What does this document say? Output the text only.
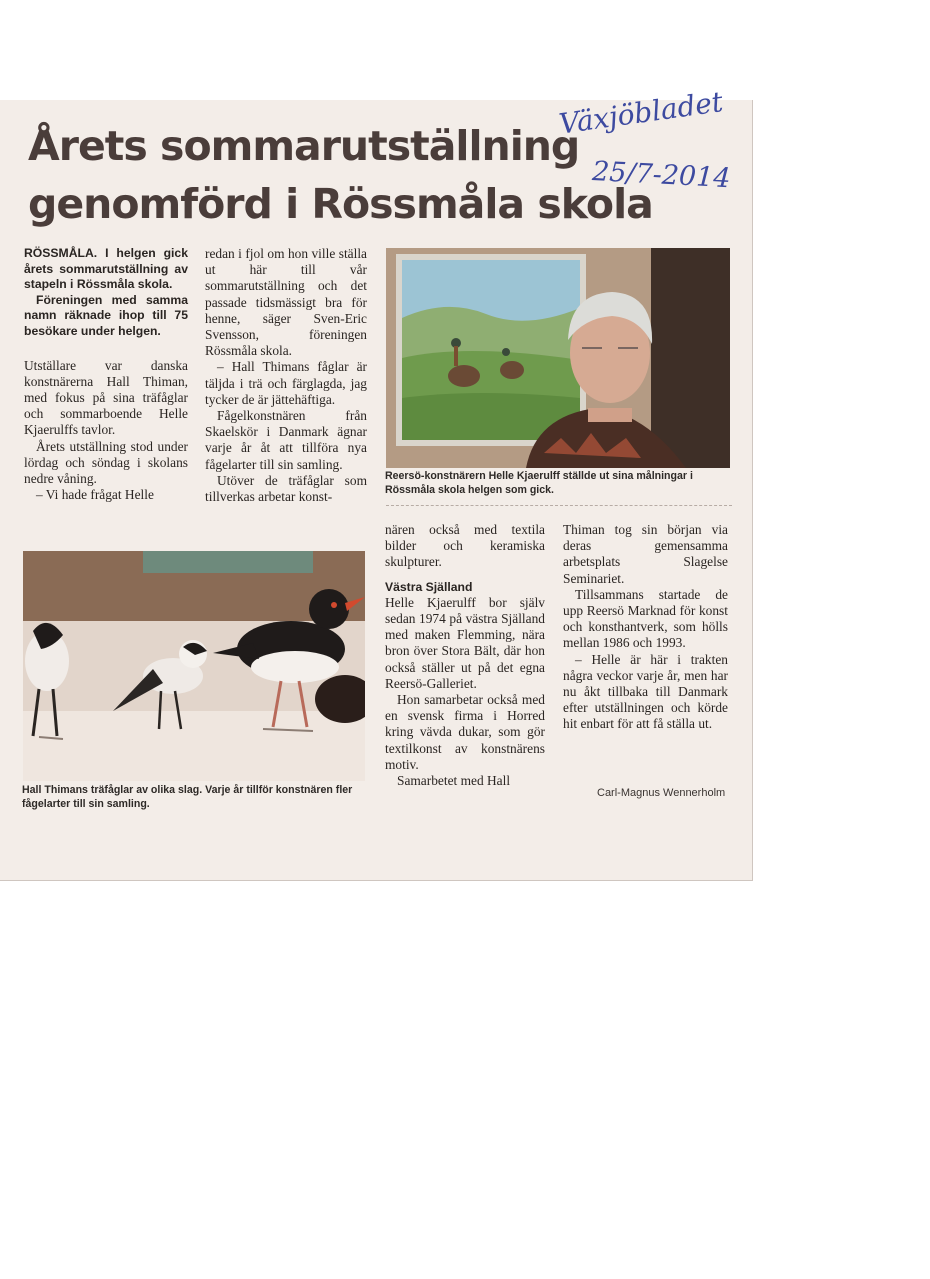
Årets sommarutställning
genomförd i Rössmåla skola
Växjöbladet
25/7-2014

RÖSSMÅLA. I helgen gick årets sommarutställning av stapeln i Rössmåla skola.

Föreningen med samma namn räknade ihop till 75 besökare under helgen.

Utställare var danska konstnärerna Hall Thiman, med fokus på sina träfåglar och sommarboende Helle Kjaerulffs tavlor.

Årets utställning stod under lördag och söndag i skolans nedre våning.

– Vi hade frågat Helle

redan i fjol om hon ville ställa ut här till vår sommarutställning och det passade tidsmässigt bra för henne, säger Sven-Eric Svensson, föreningen Rössmåla skola.

– Hall Thimans fåglar är täljda i trä och färglagda, jag tycker de är jättehäftiga.

Fågelkonstnären från Skaelskör i Danmark ägnar varje år åt att tillföra nya fågelarter till sin samling.

Utöver de träfåglar som tillverkas arbetar konst-

Reersö-konstnärern Helle Kjaerulff ställde ut sina målningar i Rössmåla skola helgen som gick.
Hall Thimans träfåglar av olika slag. Varje år tillför konstnären fler fågelarter till sin samling.

nären också med textila bilder och keramiska skulpturer.

Västra Själland

Helle Kjaerulff bor själv sedan 1974 på västra Själland med maken Flemming, nära bron över Stora Bält, där hon också ställer ut på det egna Reersö-Galleriet.

Hon samarbetar också med en svensk firma i Horred kring vävda dukar, som gör textilkonst av konstnärens motiv.

Samarbetet med Hall

Thiman tog sin början via deras gemensamma arbetsplats Slagelse Seminariet.

Tillsammans startade de upp Reersö Marknad för konst och konsthantverk, som hölls mellan 1986 och 1993.

– Helle är här i trakten några veckor varje år, men har nu åkt tillbaka till Danmark efter utställningen och körde hit enbart för att få ställa ut.

Carl-Magnus Wennerholm
